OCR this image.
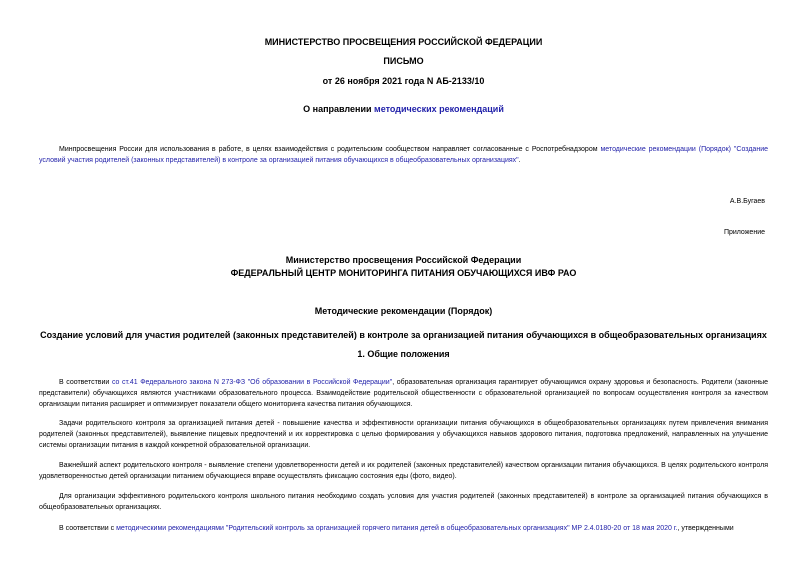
МИНИСТЕРСТВО ПРОСВЕЩЕНИЯ РОССИЙСКОЙ ФЕДЕРАЦИИ
ПИСЬМО
от 26 ноября 2021 года N АБ-2133/10
О направлении методических рекомендаций
Минпросвещения России для использования в работе, в целях взаимодействия с родительским сообществом направляет согласованные с Роспотребнадзором методические рекомендации (Порядок) "Создание условий участия родителей (законных представителей) в контроле за организацией питания обучающихся в общеобразовательных организациях".
А.В.Бугаев
Приложение
Министерство просвещения Российской Федерации
ФЕДЕРАЛЬНЫЙ ЦЕНТР МОНИТОРИНГА ПИТАНИЯ ОБУЧАЮЩИХСЯ ИВФ РАО
Методические рекомендации (Порядок)
Создание условий для участия родителей (законных представителей) в контроле за организацией питания обучающихся в общеобразовательных организациях
1. Общие положения
В соответствии со ст.41 Федерального закона N 273-ФЗ "Об образовании в Российской Федерации", образовательная организация гарантирует обучающимся охрану здоровья и безопасность. Родители (законные представители) обучающихся являются участниками образовательного процесса. Взаимодействие родительской общественности с образовательной организацией по вопросам осуществления контроля за качеством организации питания расширяет и оптимизирует показатели общего мониторинга качества питания обучающихся.
Задачи родительского контроля за организацией питания детей - повышение качества и эффективности организации питания обучающихся в общеобразовательных организациях путем привлечения внимания родителей (законных представителей), выявление пищевых предпочтений и их корректировка с целью формирования у обучающихся навыков здорового питания, подготовка предложений, направленных на улучшение системы организации питания в каждой конкретной образовательной организации.
Важнейший аспект родительского контроля - выявление степени удовлетворенности детей и их родителей (законных представителей) качеством организации питания обучающихся. В целях родительского контроля удовлетворенностью детей организации питанием обучающиеся вправе осуществлять фиксацию состояния еды (фото, видео).
Для организации эффективного родительского контроля школьного питания необходимо создать условия для участия родителей (законных представителей) в контроле за организацией питания обучающихся в общеобразовательных организациях.
В соответствии с методическими рекомендациями "Родительский контроль за организацией горячего питания детей в общеобразовательных организациях" МР 2.4.0180-20 от 18 мая 2020 г., утвержденными
